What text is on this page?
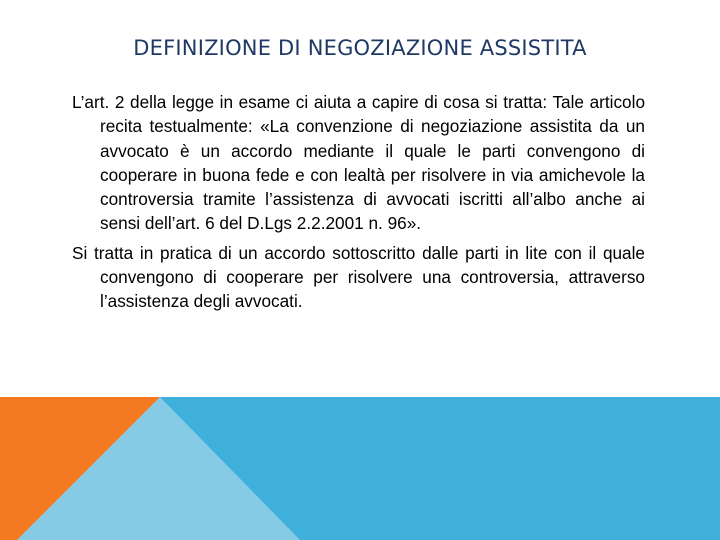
DEFINIZIONE DI NEGOZIAZIONE ASSISTITA

L’art. 2 della legge in esame ci aiuta a capire di cosa si tratta: Tale articolo recita testualmente: «La convenzione di negoziazione assistita da un avvocato è un accordo mediante il quale le parti convengono di cooperare in buona fede e con lealtà per risolvere in via amichevole la controversia tramite l’assistenza di avvocati iscritti all’albo anche ai sensi dell’art. 6 del D.Lgs 2.2.2001 n. 96».

Si tratta in pratica di un accordo sottoscritto dalle parti in lite con il quale convengono di cooperare per risolvere una controversia, attraverso l’assistenza degli avvocati.
